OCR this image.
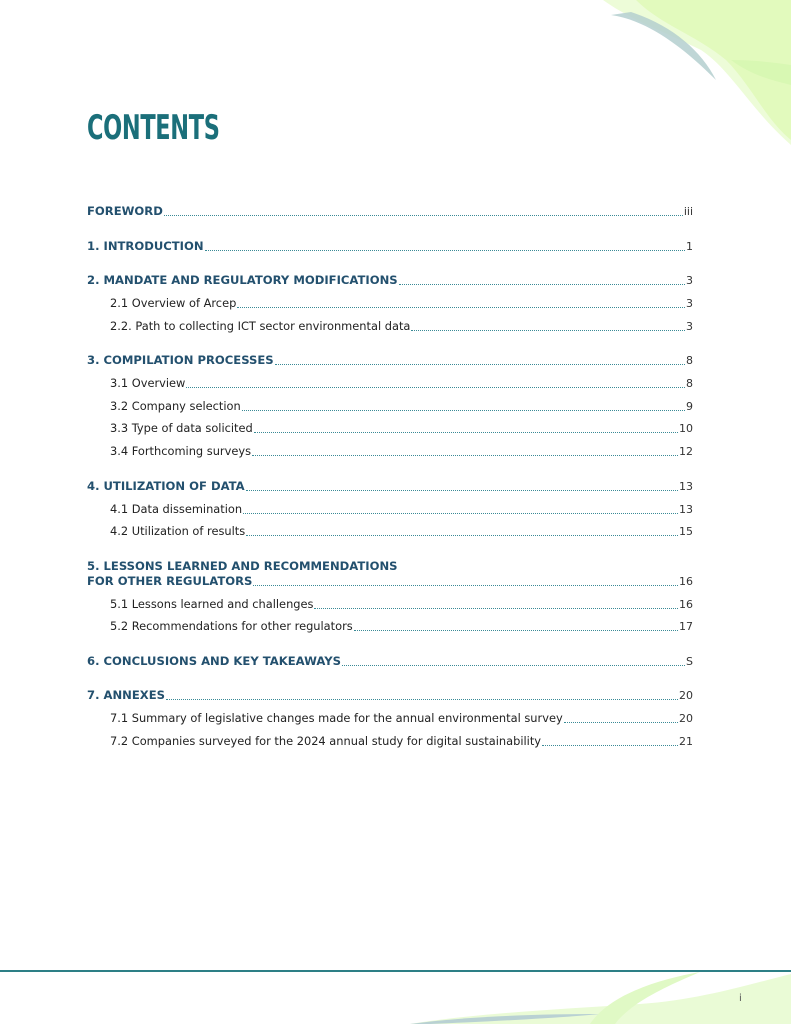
CONTENTS
FOREWORD	iii
1. INTRODUCTION	1
2. MANDATE AND REGULATORY MODIFICATIONS	3
2.1 Overview of Arcep	3
2.2. Path to collecting ICT sector environmental data	3
3. COMPILATION PROCESSES	8
3.1 Overview	8
3.2 Company selection	9
3.3 Type of data solicited	10
3.4 Forthcoming surveys	12
4. UTILIZATION OF DATA	13
4.1 Data dissemination	13
4.2 Utilization of results	15
5. LESSONS LEARNED AND RECOMMENDATIONS
FOR OTHER REGULATORS	16
5.1 Lessons learned and challenges	16
5.2 Recommendations for other regulators	17
6. CONCLUSIONS AND KEY TAKEAWAYS	S
7. ANNEXES	20
7.1 Summary of legislative changes made for the annual environmental survey	20
7.2 Companies surveyed for the 2024 annual study for digital sustainability	21
i
